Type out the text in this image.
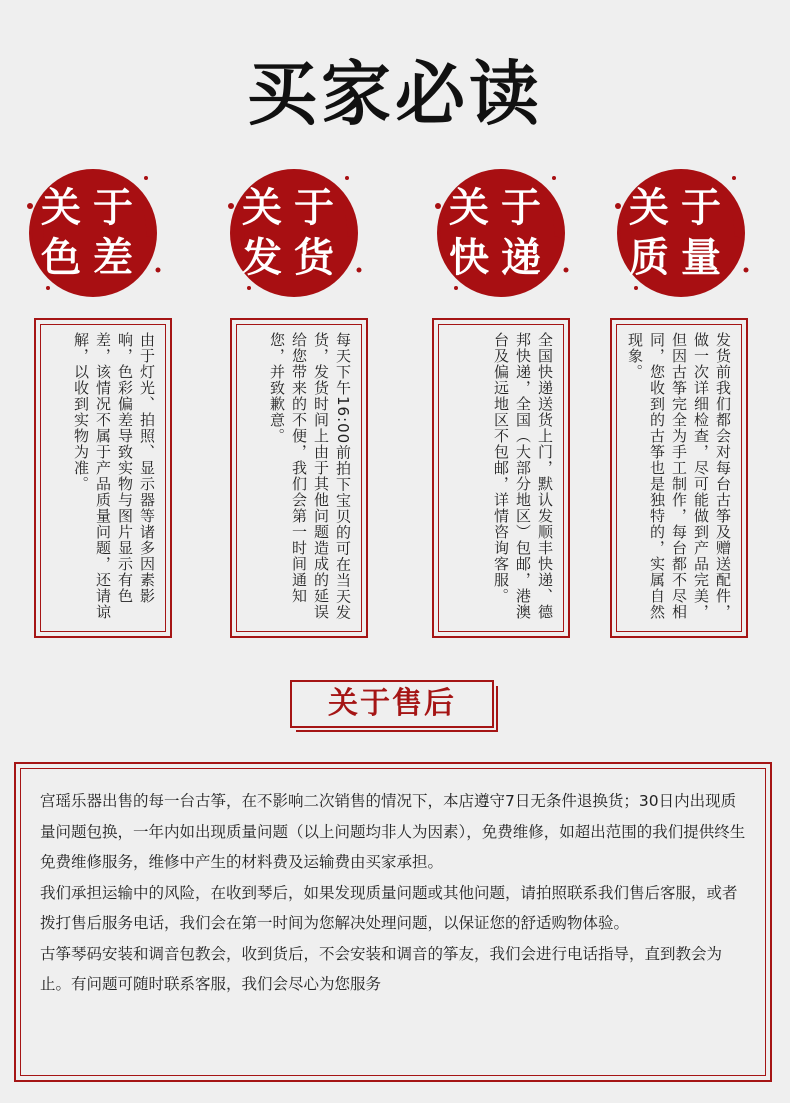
买家必读
关于
色差
关于
发货
关于
快递
关于
质量
由于灯光、拍照、显示器等诸多因素影响，色彩偏差导致实物与图片显示有色差，该情况不属于产品质量问题，还请谅解，以收到实物为准。	每天下午16:00前拍下宝贝的可在当天发货，发货时间上由于其他问题造成的延误给您带来的不便，我们会第一时间通知您，并致歉意。	全国快递送货上门，默认发顺丰快递、德邦快递，全国（大部分地区）包邮，港澳台及偏远地区不包邮，详情咨询客服。	发货前我们都会对每台古筝及赠送配件，做一次详细检查，尽可能做到产品完美，但因古筝完全为手工制作，每台都不尽相同，您收到的古筝也是独特的，实属自然现象。
关于售后

宫瑶乐器出售的每一台古筝，在不影响二次销售的情况下，本店遵守7日无条件退换货；30日内出现质量问题包换，一年内如出现质量问题（以上问题均非人为因素），免费维修，如超出范围的我们提供终生免费维修服务，维修中产生的材料费及运输费由买家承担。

我们承担运输中的风险，在收到琴后，如果发现质量问题或其他问题，请拍照联系我们售后客服，或者拨打售后服务电话，我们会在第一时间为您解决处理问题，以保证您的舒适购物体验。

古筝琴码安装和调音包教会，收到货后，不会安装和调音的筝友，我们会进行电话指导，直到教会为止。有问题可随时联系客服，我们会尽心为您服务
